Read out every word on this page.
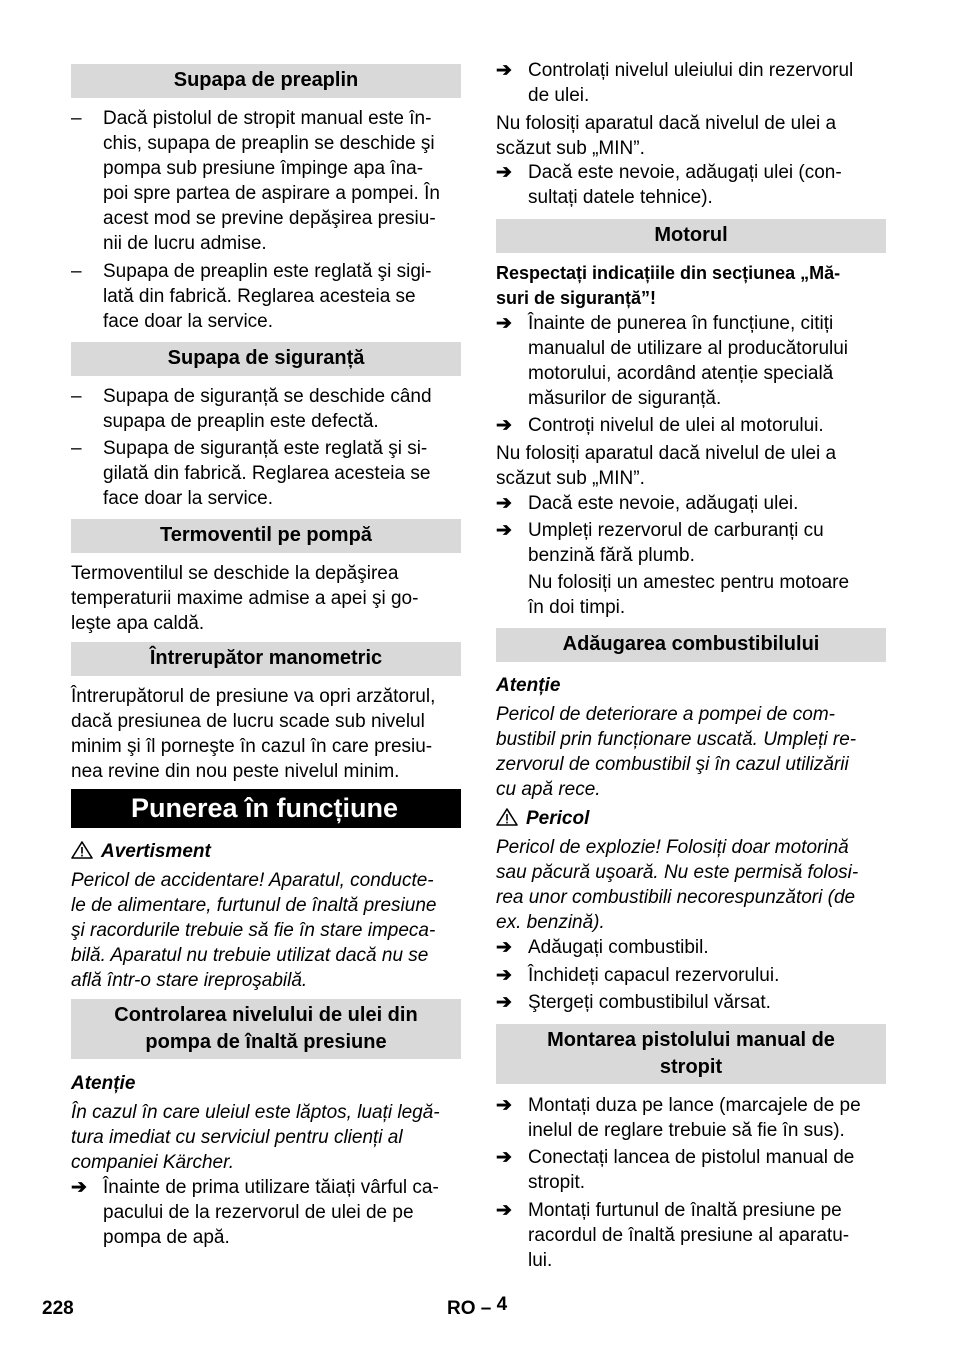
Supapa de preaplin
– Dacă pistolul de stropit manual este în-
chis, supapa de preaplin se deschide şi
pompa sub presiune împinge apa îna-
poi spre partea de aspirare a pompei. În
acest mod se previne depăşirea presiu-
nii de lucru admise.
– Supapa de preaplin este reglată şi sigi-
lată din fabrică. Reglarea acesteia se
face doar la service.
Supapa de siguranță
– Supapa de siguranță se deschide când
supapa de preaplin este defectă.
– Supapa de siguranță este reglată şi si-
gilată din fabrică. Reglarea acesteia se
face doar la service.
Termoventil pe pompă
Termoventilul se deschide la depăşirea
temperaturii maxime admise a apei şi go-
leşte apa caldă.
Întrerupător manometric
Întrerupătorul de presiune va opri arzătorul,
dacă presiunea de lucru scade sub nivelul
minim şi îl porneşte în cazul în care presiu-
nea revine din nou peste nivelul minim.
Punerea în funcțiune
Avertisment
Pericol de accidentare! Aparatul, conducte-
le de alimentare, furtunul de înaltă presiune
şi racordurile trebuie să fie în stare impeca-
bilă. Aparatul nu trebuie utilizat dacă nu se
află într-o stare ireproşabilă.
Controlarea nivelului de ulei din
pompa de înaltă presiune
Atenție
În cazul în care uleiul este lăptos, luați legă-
tura imediat cu serviciul pentru clienți al
companiei Kärcher.
➔ Înainte de prima utilizare tăiați vârful ca-
pacului de la rezervorul de ulei de pe
pompa de apă.
➔ Controlați nivelul uleiului din rezervorul
de ulei.
Nu folosiți aparatul dacă nivelul de ulei a
scăzut sub „MIN”.
➔ Dacă este nevoie, adăugați ulei (con-
sultați datele tehnice).
Motorul
Respectați indicațiile din secțiunea „Mă-
suri de siguranță”!
➔ Înainte de punerea în funcțiune, citiți
manualul de utilizare al producătorului
motorului, acordând atenție specială
măsurilor de siguranță.
➔ Controți nivelul de ulei al motorului.
Nu folosiți aparatul dacă nivelul de ulei a
scăzut sub „MIN”.
➔ Dacă este nevoie, adăugați ulei.
➔ Umpleți rezervorul de carburanți cu
benzină fără plumb.
Nu folosiți un amestec pentru motoare
în doi timpi.
Adăugarea combustibilului
Atenție
Pericol de deteriorare a pompei de com-
bustibil prin funcționare uscată. Umpleți re-
zervorul de combustibil şi în cazul utilizării
cu apă rece.
Pericol
Pericol de explozie! Folosiți doar motorină
sau păcură uşoară. Nu este permisă folosi-
rea unor combustibili necorespunzători (de
ex. benzină).
➔ Adăugați combustibil.
➔ Închideți capacul rezervorului.
➔ Ştergeți combustibilul vărsat.
Montarea pistolului manual de
stropit
➔ Montați duza pe lance (marcajele de pe
inelul de reglare trebuie să fie în sus).
➔ Conectați lancea de pistolul manual de
stropit.
➔ Montați furtunul de înaltă presiune pe
racordul de înaltă presiune al aparatu-
lui.
228	RO – 4
